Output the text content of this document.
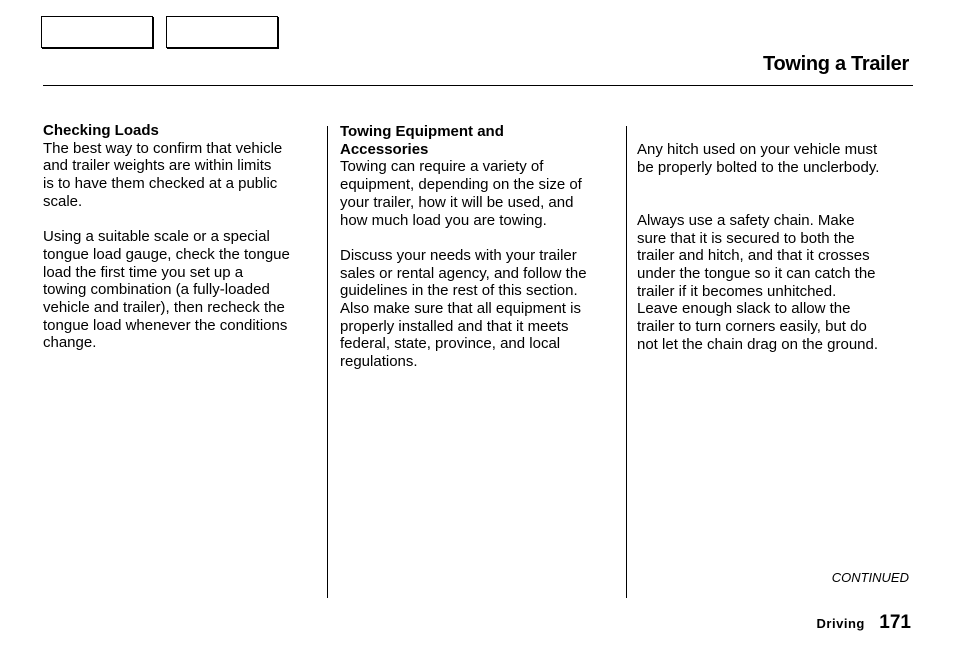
Towing a Trailer
Checking Loads

The best way to confirm that vehicle
and trailer weights are within limits
is to have them checked at a public
scale.

Using a suitable scale or a special
tongue load gauge, check the tongue
load the first time you set up a
towing combination (a fully-loaded
vehicle and trailer), then recheck the
tongue load whenever the conditions
change.

Towing Equipment and
Accessories

Towing can require a variety of
equipment, depending on the size of
your trailer, how it will be used, and
how much load you are towing.

Discuss your needs with your trailer
sales or rental agency, and follow the
guidelines in the rest of this section.
Also make sure that all equipment is
properly installed and that it meets
federal, state, province, and local
regulations.

Any hitch used on your vehicle must
be properly bolted to the unclerbody.

Always use a safety chain. Make
sure that it is secured to both the
trailer and hitch, and that it crosses
under the tongue so it can catch the
trailer if it becomes unhitched.
Leave enough slack to allow the
trailer to turn corners easily, but do
not let the chain drag on the ground.

CONTINUED
Driving 171
